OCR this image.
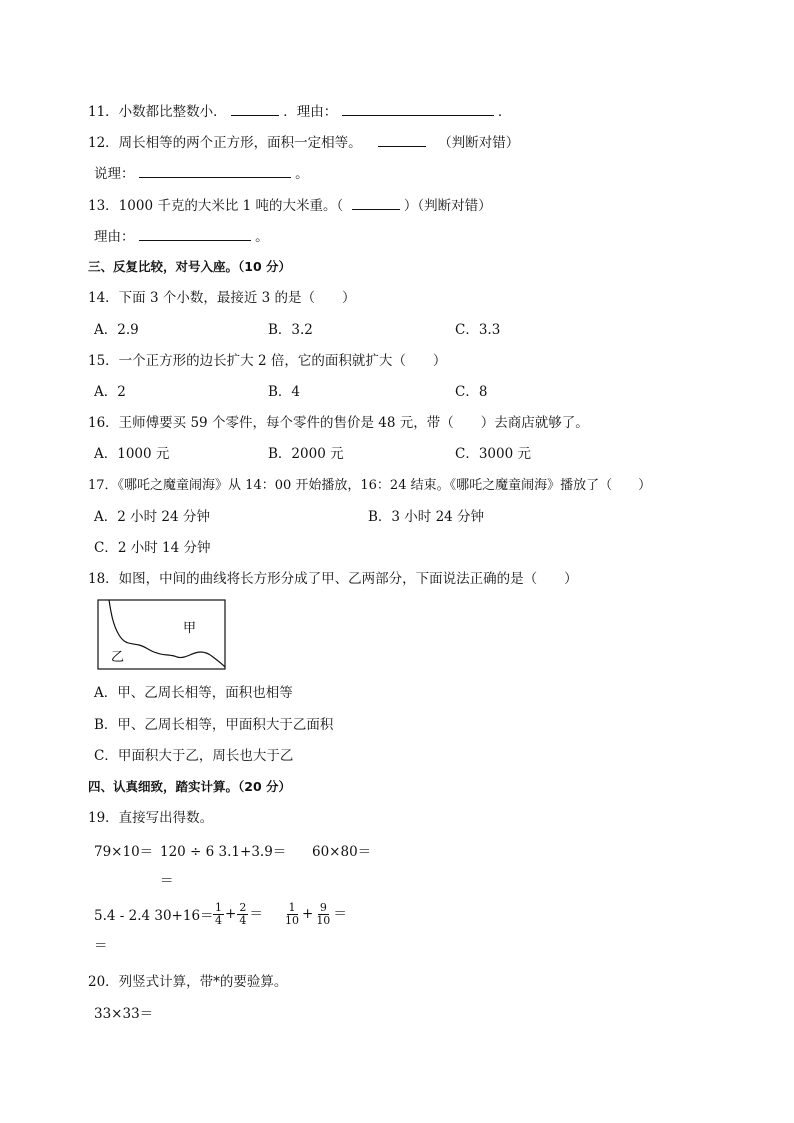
11．小数都比整数小．	．理由：	．
12．周长相等的两个正方形，面积一定相等。	（判断对错）
说理：	。
13．1000 千克的大米比 1 吨的大米重。（	）（判断对错）
理由：	。
三、反复比较，对号入座。（10 分）
14．下面 3 个小数，最接近 3 的是（　　）
A．2.9	B．3.2	C．3.3
15．一个正方形的边长扩大 2 倍，它的面积就扩大（　　）
A．2	B．4	C．8
16．王师傅要买 59 个零件，每个零件的售价是 48 元，带（　　）去商店就够了。
A．1000 元	B．2000 元	C．3000 元
17．《哪吒之魔童闹海》从 14：00 开始播放，16：24 结束。《哪吒之魔童闹海》播放了（　　）
A．2 小时 24 分钟	B．3 小时 24 分钟
C．2 小时 14 分钟
18．如图，中间的曲线将长方形分成了甲、乙两部分，下面说法正确的是（　　）
甲
乙
A．甲、乙周长相等，面积也相等
B．甲、乙周长相等，甲面积大于乙面积
C．甲面积大于乙，周长也大于乙
四、认真细致，踏实计算。（20 分）
19．直接写出得数。
79×10＝ 120 ÷ 6 3.1+3.9＝ 60×80＝
＝
5.4 - 2.4 $30+16= \frac{1}{4} + \frac{2}{4} = \frac{1}{10} + \frac{9}{10}$ ＝
＝
20．列竖式计算，带*的要验算。
33×33＝
